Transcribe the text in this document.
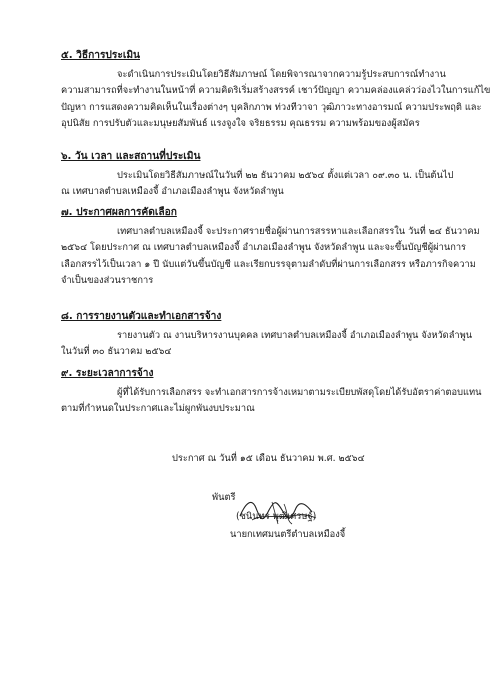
๕. วิธีการประเมิน
จะดำเนินการประเมินโดยวิธีสัมภาษณ์ โดยพิจารณาจากความรู้ประสบการณ์ทำงาน
ความสามารถที่จะทำงานในหน้าที่ ความคิดริเริ่มสร้างสรรค์ เชาว์ปัญญา ความคล่องแคล่วว่องไวในการแก้ไข
ปัญหา การแสดงความคิดเห็นในเรื่องต่างๆ บุคลิกภาพ ท่วงทีวาจา วุฒิภาวะทางอารมณ์ ความประพฤติ และ
อุปนิสัย การปรับตัวและมนุษยสัมพันธ์ แรงจูงใจ จริยธรรม คุณธรรม ความพร้อมของผู้สมัคร
๖. วัน เวลา และสถานที่ประเมิน
ประเมินโดยวิธีสัมภาษณ์ในวันที่ ๒๒ ธันวาคม ๒๕๖๔ ตั้งแต่เวลา ๐๙.๓๐ น. เป็นต้นไป
ณ เทศบาลตำบลเหมืองจี้ อำเภอเมืองลำพูน จังหวัดลำพูน
๗. ประกาศผลการคัดเลือก
เทศบาลตำบลเหมืองจี้ จะประกาศรายชื่อผู้ผ่านการสรรหาและเลือกสรรใน วันที่ ๒๔ ธันวาคม
๒๕๖๔ โดยประกาศ ณ เทศบาลตำบลเหมืองจี้ อำเภอเมืองลำพูน จังหวัดลำพูน และจะขึ้นบัญชีผู้ผ่านการ
เลือกสรรไว้เป็นเวลา ๑ ปี นับแต่วันขึ้นบัญชี และเรียกบรรจุตามลำดับที่ผ่านการเลือกสรร หรือภารกิจความ
จำเป็นของส่วนราชการ
๘. การรายงานตัวและทำเอกสารจ้าง
รายงานตัว ณ งานบริหารงานบุคคล เทศบาลตำบลเหมืองจี้ อำเภอเมืองลำพูน จังหวัดลำพูน
ในวันที่ ๓๐ ธันวาคม ๒๕๖๔
๙. ระยะเวลาการจ้าง
ผู้ที่ได้รับการเลือกสรร จะทำเอกสารการจ้างเหมาตามระเบียบพัสดุโดยได้รับอัตราค่าตอบแทน
ตามที่กำหนดในประกาศและไม่ผูกพันงบประมาณ
ประกาศ ณ วันที่ ๑๕ เดือน ธันวาคม พ.ศ. ๒๕๖๔
พันตรี
(ชนินทร พุฒิเศรษฐ์)
นายกเทศมนตรีตำบลเหมืองจี้
